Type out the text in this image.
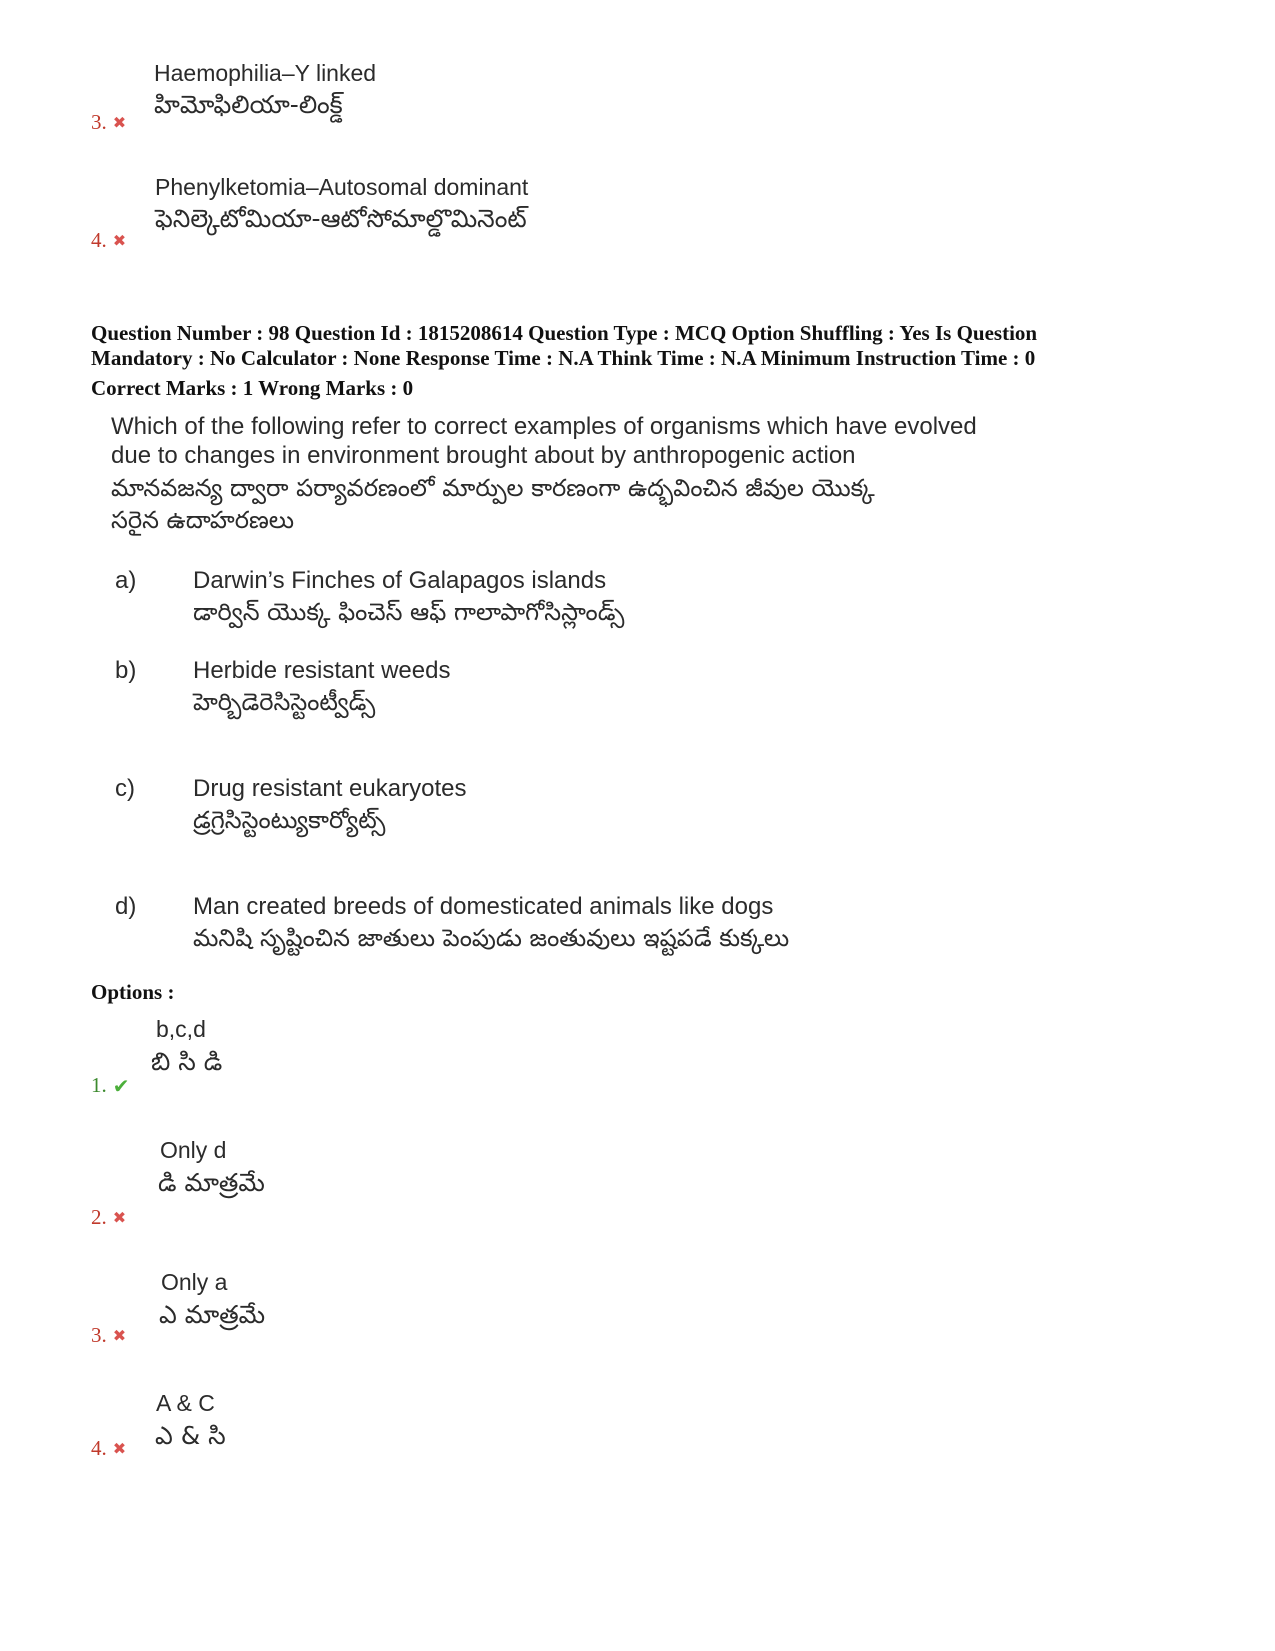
Haemophilia–Y linked
హిమోఫిలియా-లింక్డ్
3. ✖
Phenylketomia–Autosomal dominant
ఫెనిల్కెటోమియా-ఆటోసోమాల్డొమినెంట్
4. ✖
Question Number : 98 Question Id : 1815208614 Question Type : MCQ Option Shuffling : Yes Is Question
Mandatory : No Calculator : None Response Time : N.A Think Time : N.A Minimum Instruction Time : 0
Correct Marks : 1 Wrong Marks : 0
Which of the following refer to correct examples of organisms which have evolved
due to changes in environment brought about by anthropogenic action
మానవజన్య ద్వారా పర్యావరణంలో మార్పుల కారణంగా ఉద్భవించిన జీవుల యొక్క
సరైన ఉదాహరణలు
a) Darwin’s Finches of Galapagos islands
డార్విన్ యొక్క ఫించెస్ ఆఫ్ గాలాపాగోసిస్లాండ్స్
b) Herbide resistant weeds
హెర్బిడెరెసిస్టెంట్వీడ్స్
c) Drug resistant eukaryotes
డ్రగ్రెసిస్టెంట్యుకార్యోట్స్
d) Man created breeds of domesticated animals like dogs
మనిషి సృష్టించిన జాతులు పెంపుడు జంతువులు ఇష్టపడే కుక్కలు
Options :
b,c,d
బి సి డి
1. ✔
Only d
డి మాత్రమే
2. ✖
Only a
ఎ మాత్రమే
3. ✖
A & C
ఎ & సి
4. ✖
